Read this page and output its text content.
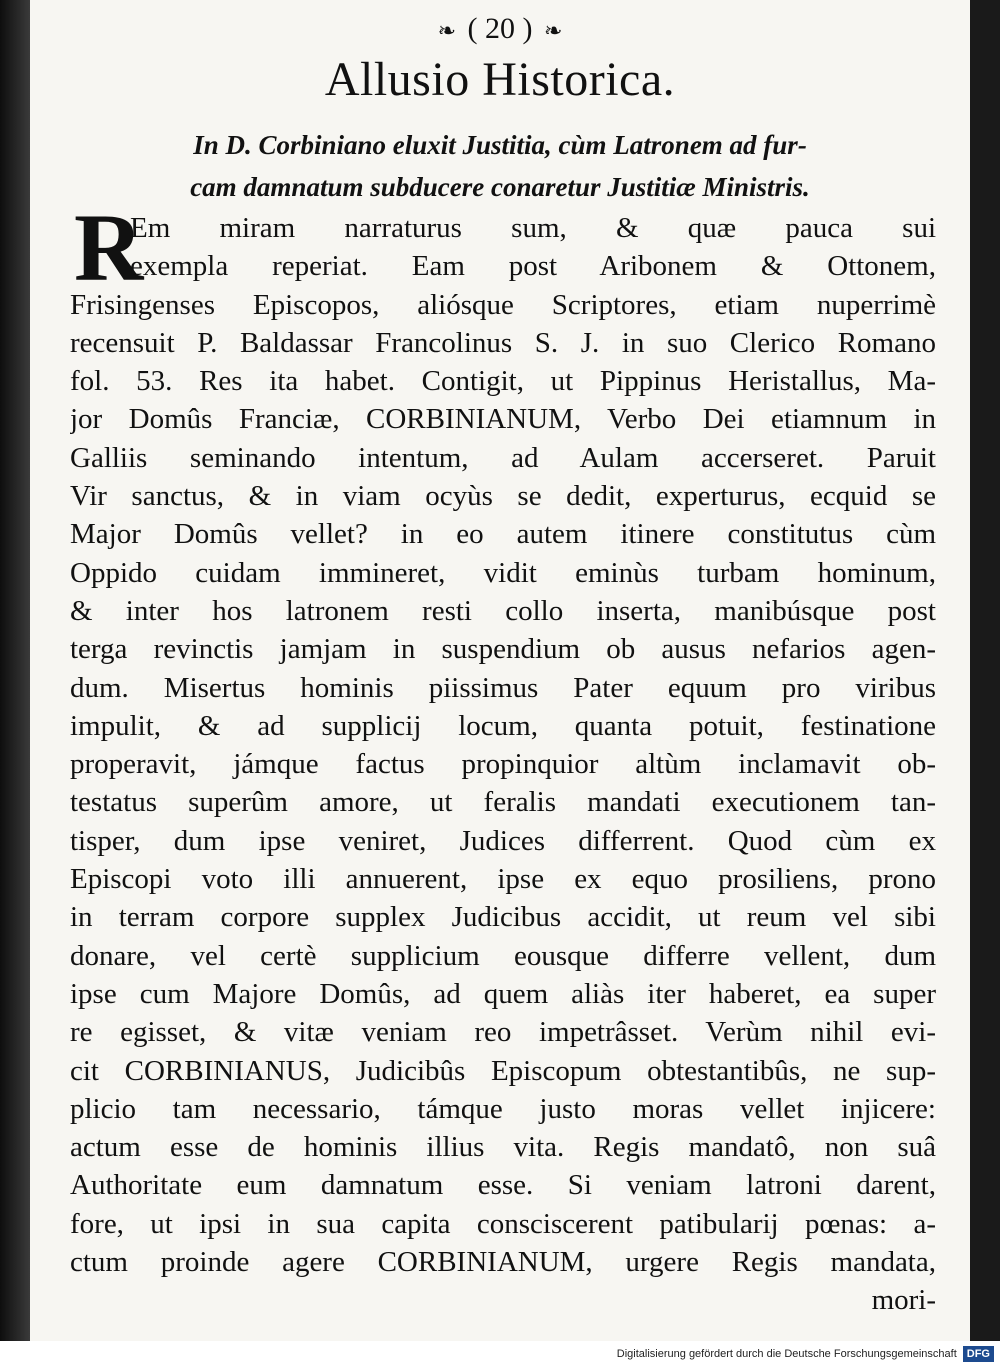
❧ ( 20 ) ❧
Allusio Historica.
In D. Corbiniano eluxit Justitia, cùm Latronem ad fur-
cam damnatum subducere conaretur Justitiæ Ministris.
R
Em miram narraturus sum, & quæ pauca sui
exempla reperiat. Eam post Aribonem & Ottonem,
Frisingenses Episcopos, aliósque Scriptores, etiam nuperrimè
recensuit P. Baldassar Francolinus S. J. in suo Clerico Romano
fol. 53. Res ita habet. Contigit, ut Pippinus Heristallus, Ma-
jor Domûs Franciæ, CORBINIANUM, Verbo Dei etiamnum in
Galliis seminando intentum, ad Aulam accerseret. Paruit
Vir sanctus, & in viam ocyùs se dedit, experturus, ecquid se
Major Domûs vellet? in eo autem itinere constitutus cùm
Oppido cuidam immineret, vidit eminùs turbam hominum,
& inter hos latronem resti collo inserta, manibúsque post
terga revinctis jamjam in suspendium ob ausus nefarios agen-
dum. Misertus hominis piissimus Pater equum pro viribus
impulit, & ad supplicij locum, quanta potuit, festinatione
properavit, jámque factus propinquior altùm inclamavit ob-
testatus superûm amore, ut feralis mandati executionem tan-
tisper, dum ipse veniret, Judices differrent. Quod cùm ex
Episcopi voto illi annuerent, ipse ex equo prosiliens, prono
in terram corpore supplex Judicibus accidit, ut reum vel sibi
donare, vel certè supplicium eousque differre vellent, dum
ipse cum Majore Domûs, ad quem aliàs iter haberet, ea super
re egisset, & vitæ veniam reo impetrâsset. Verùm nihil evi-
cit CORBINIANUS, Judicibûs Episcopum obtestantibûs, ne sup-
plicio tam necessario, támque justo moras vellet injicere:
actum esse de hominis illius vita. Regis mandatô, non suâ
Authoritate eum damnatum esse. Si veniam latroni darent,
fore, ut ipsi in sua capita consciscerent patibularij pœnas: a-
ctum proinde agere CORBINIANUM, urgere Regis mandata,
mori-
Digitalisierung gefördert durch die Deutsche Forschungsgemeinschaft DFG
